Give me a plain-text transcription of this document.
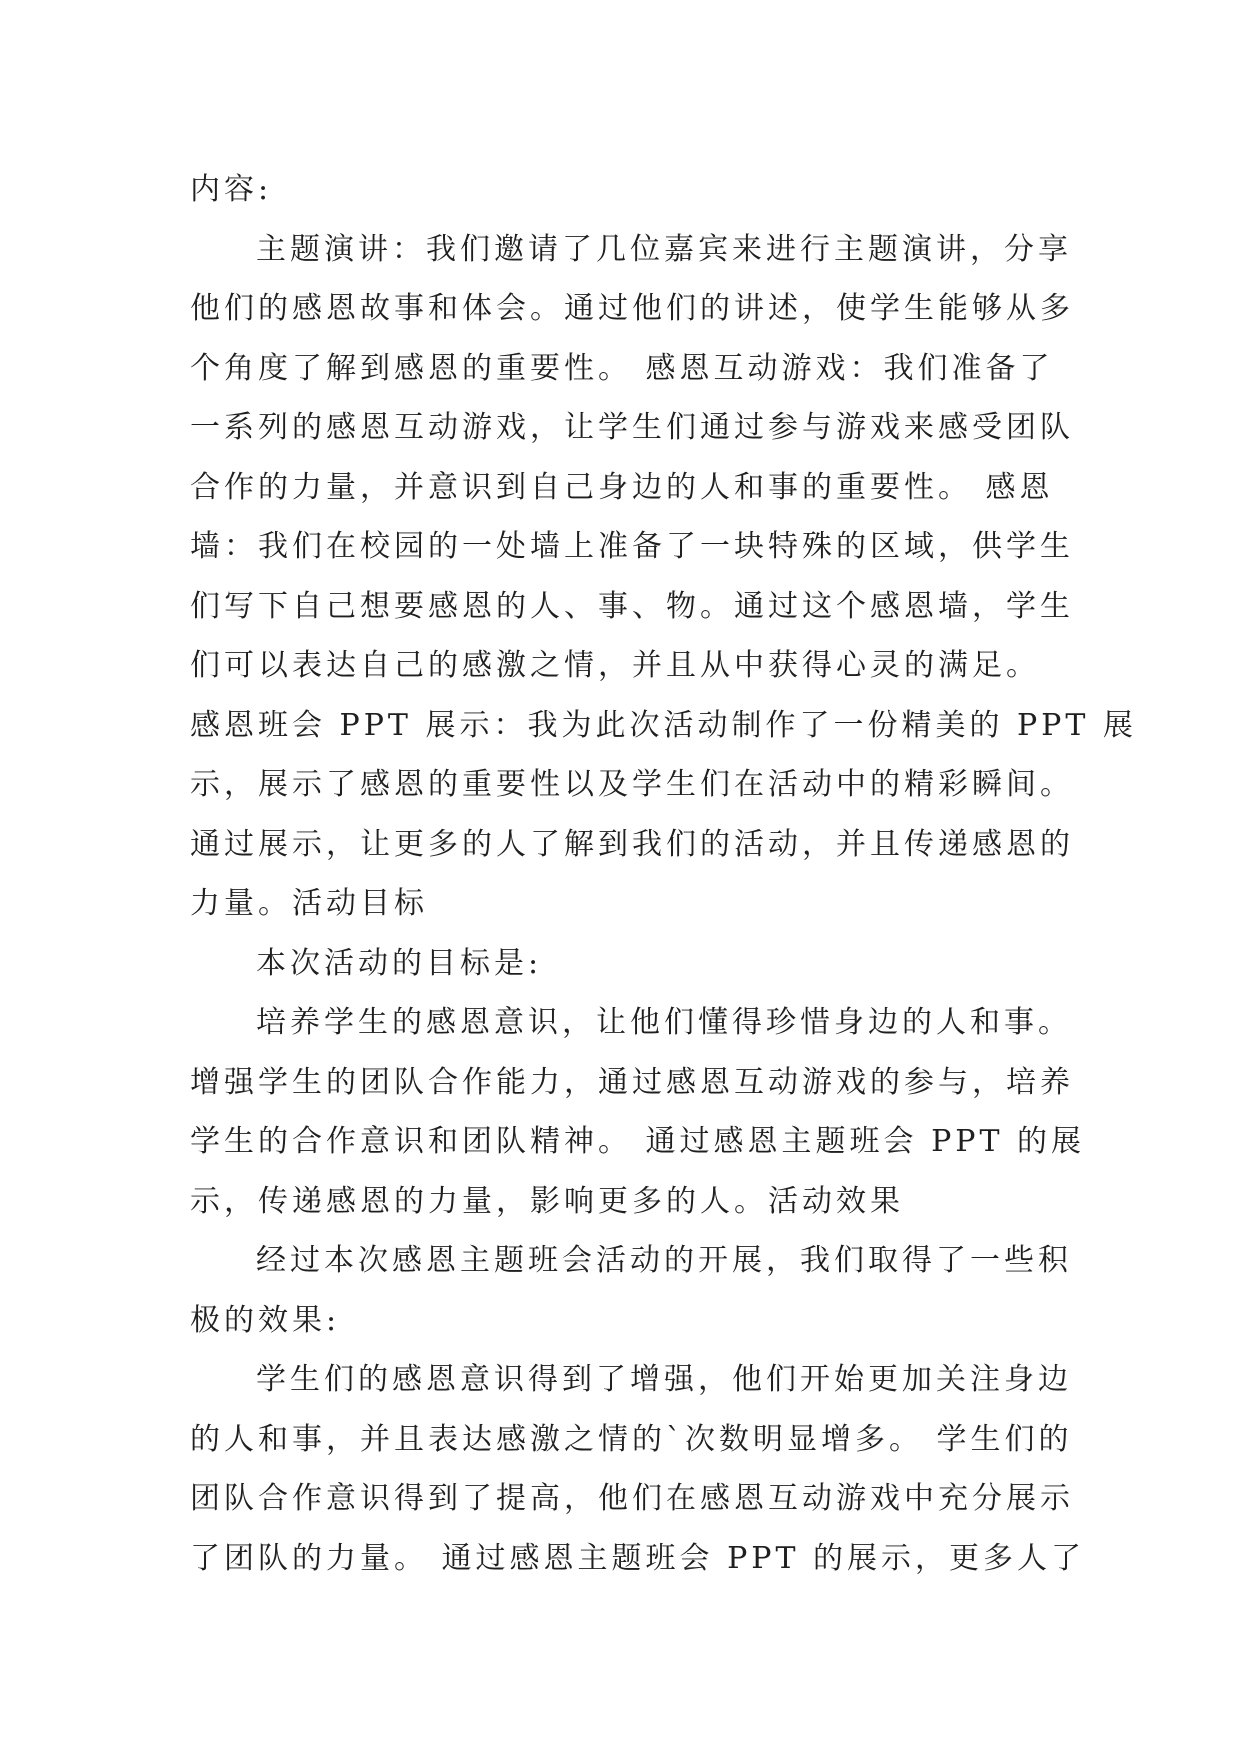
内容:
主题演讲：我们邀请了几位嘉宾来进行主题演讲，分享
他们的感恩故事和体会。通过他们的讲述，使学生能够从多
个角度了解到感恩的重要性。 感恩互动游戏：我们准备了
一系列的感恩互动游戏，让学生们通过参与游戏来感受团队
合作的力量，并意识到自己身边的人和事的重要性。 感恩
墙：我们在校园的一处墙上准备了一块特殊的区域，供学生
们写下自己想要感恩的人、事、物。通过这个感恩墙，学生
们可以表达自己的感激之情，并且从中获得心灵的满足。
感恩班会 PPT 展示：我为此次活动制作了一份精美的 PPT 展
示，展示了感恩的重要性以及学生们在活动中的精彩瞬间。
通过展示，让更多的人了解到我们的活动，并且传递感恩的
力量。活动目标
本次活动的目标是:
培养学生的感恩意识，让他们懂得珍惜身边的人和事。
增强学生的团队合作能力，通过感恩互动游戏的参与，培养
学生的合作意识和团队精神。 通过感恩主题班会 PPT 的展
示，传递感恩的力量，影响更多的人。活动效果
经过本次感恩主题班会活动的开展，我们取得了一些积
极的效果:
学生们的感恩意识得到了增强，他们开始更加关注身边
的人和事，并且表达感激之情的`次数明显增多。 学生们的
团队合作意识得到了提高，他们在感恩互动游戏中充分展示
了团队的力量。 通过感恩主题班会 PPT 的展示，更多人了
